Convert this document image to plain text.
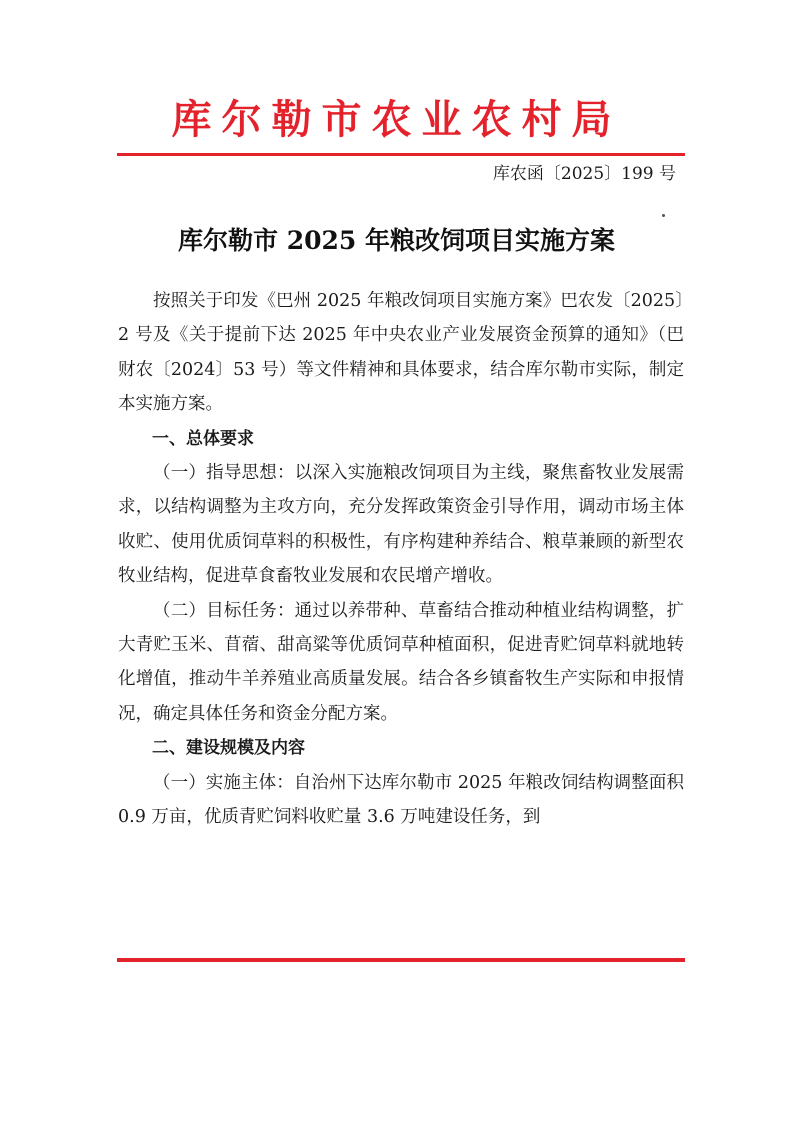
库尔勒市农业农村局
库农函〔2025〕199 号
库尔勒市 2025 年粮改饲项目实施方案

按照关于印发《巴州 2025 年粮改饲项目实施方案》巴农发〔2025〕2 号及《关于提前下达 2025 年中央农业产业发展资金预算的通知》（巴财农〔2024〕53 号）等文件精神和具体要求，结合库尔勒市实际，制定本实施方案。

一、总体要求

（一）指导思想：以深入实施粮改饲项目为主线，聚焦畜牧业发展需求，以结构调整为主攻方向，充分发挥政策资金引导作用，调动市场主体收贮、使用优质饲草料的积极性，有序构建种养结合、粮草兼顾的新型农牧业结构，促进草食畜牧业发展和农民增产增收。

（二）目标任务：通过以养带种、草畜结合推动种植业结构调整，扩大青贮玉米、苜蓿、甜高粱等优质饲草种植面积，促进青贮饲草料就地转化增值，推动牛羊养殖业高质量发展。结合各乡镇畜牧生产实际和申报情况，确定具体任务和资金分配方案。

二、建设规模及内容

（一）实施主体：自治州下达库尔勒市 2025 年粮改饲结构调整面积 0.9 万亩，优质青贮饲料收贮量 3.6 万吨建设任务，到
